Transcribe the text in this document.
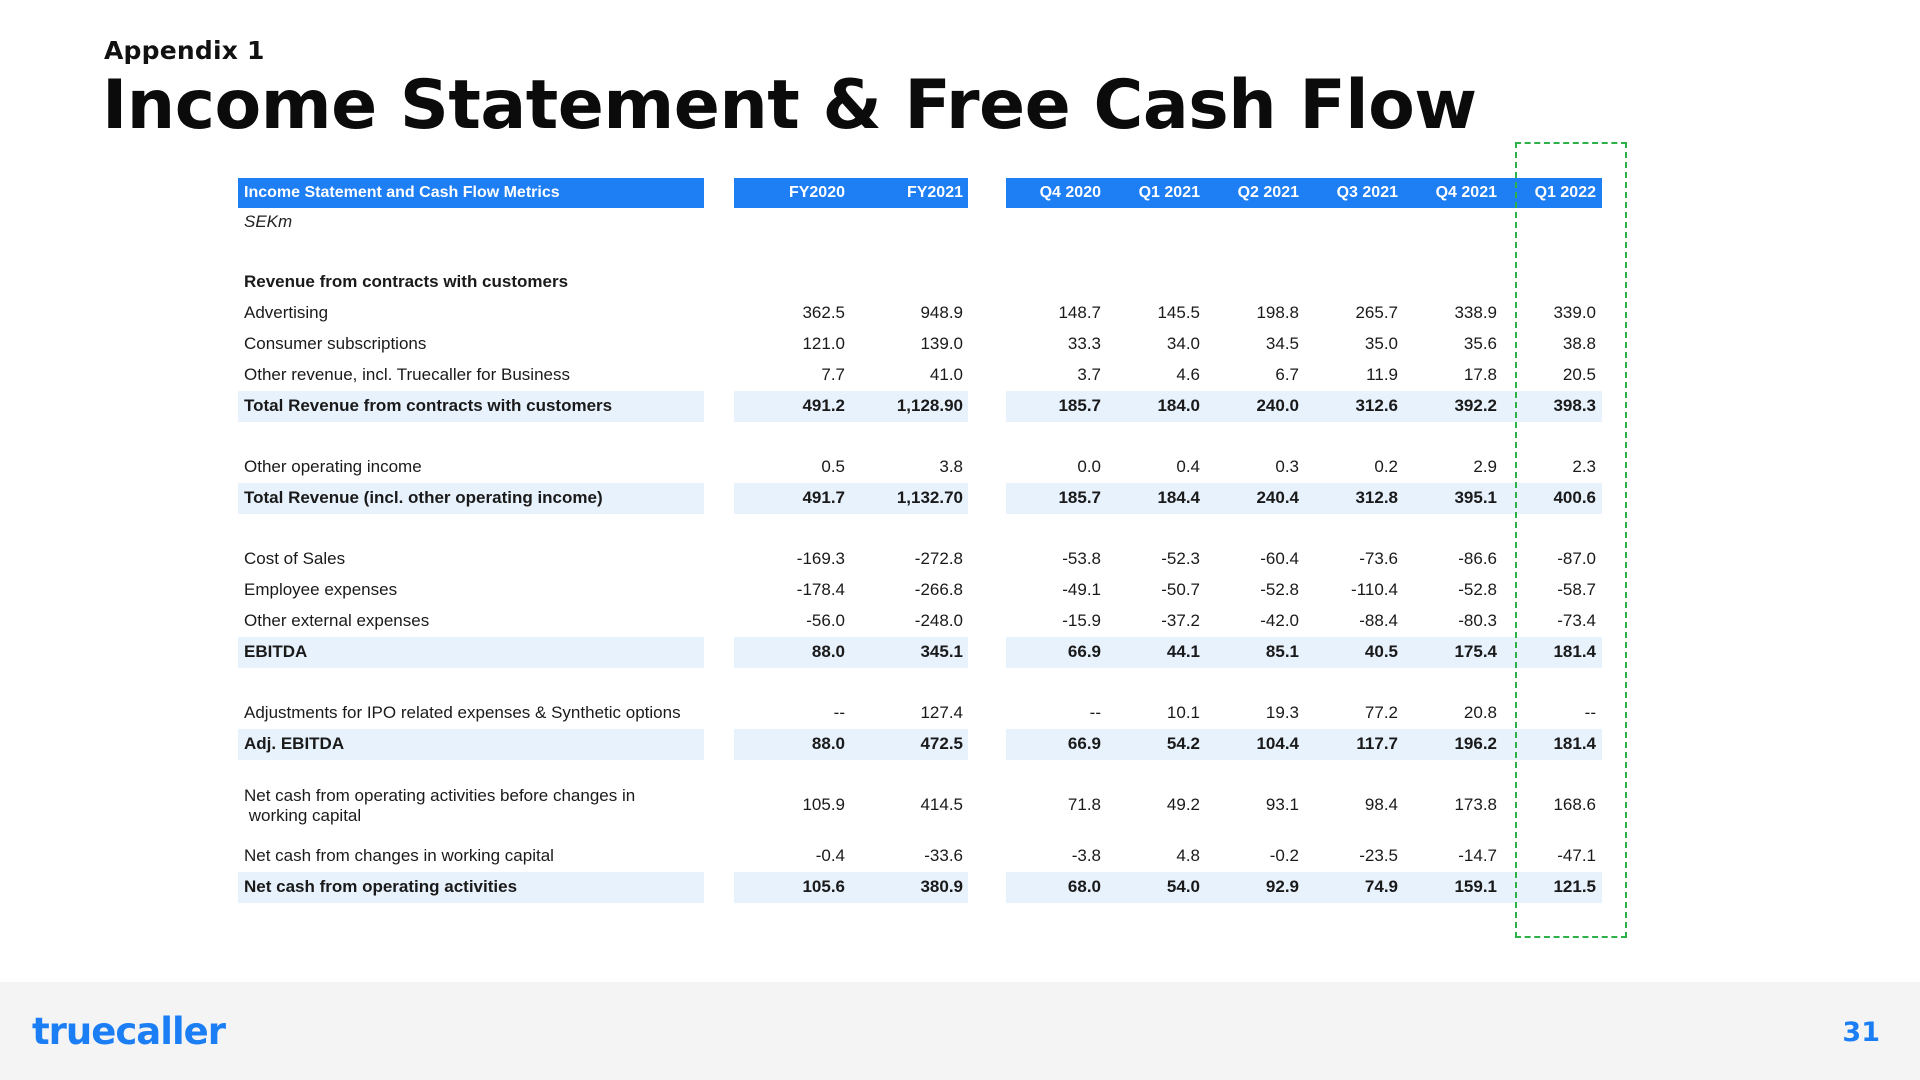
Appendix 1
Income Statement & Free Cash Flow
Income Statement and Cash Flow Metrics
SEKm
FY2020	FY2021	Q4 2020	Q1 2021	Q2 2021	Q3 2021	Q4 2021	Q1 2022
Revenue from contracts with customers
Advertising	362.5	948.9	148.7	145.5	198.8	265.7	338.9	339.0
Consumer subscriptions	121.0	139.0	33.3	34.0	34.5	35.0	35.6	38.8
Other revenue, incl. Truecaller for Business	7.7	41.0	3.7	4.6	6.7	11.9	17.8	20.5
Total Revenue from contracts with customers	491.2	1,128.90	185.7	184.0	240.0	312.6	392.2	398.3
Other operating income	0.5	3.8	0.0	0.4	0.3	0.2	2.9	2.3
Total Revenue (incl. other operating income)	491.7	1,132.70	185.7	184.4	240.4	312.8	395.1	400.6
Cost of Sales	-169.3	-272.8	-53.8	-52.3	-60.4	-73.6	-86.6	-87.0
Employee expenses	-178.4	-266.8	-49.1	-50.7	-52.8	-110.4	-52.8	-58.7
Other external expenses	-56.0	-248.0	-15.9	-37.2	-42.0	-88.4	-80.3	-73.4
EBITDA	88.0	345.1	66.9	44.1	85.1	40.5	175.4	181.4
Adjustments for IPO related expenses & Synthetic options	--	127.4	--	10.1	19.3	77.2	20.8	--
Adj. EBITDA	88.0	472.5	66.9	54.2	104.4	117.7	196.2	181.4
Net cash from operating activities before changes in
working capital
105.9	414.5	71.8	49.2	93.1	98.4	173.8	168.6
Net cash from changes in working capital	-0.4	-33.6	-3.8	4.8	-0.2	-23.5	-14.7	-47.1
Net cash from operating activities	105.6	380.9	68.0	54.0	92.9	74.9	159.1	121.5
truecaller	31
